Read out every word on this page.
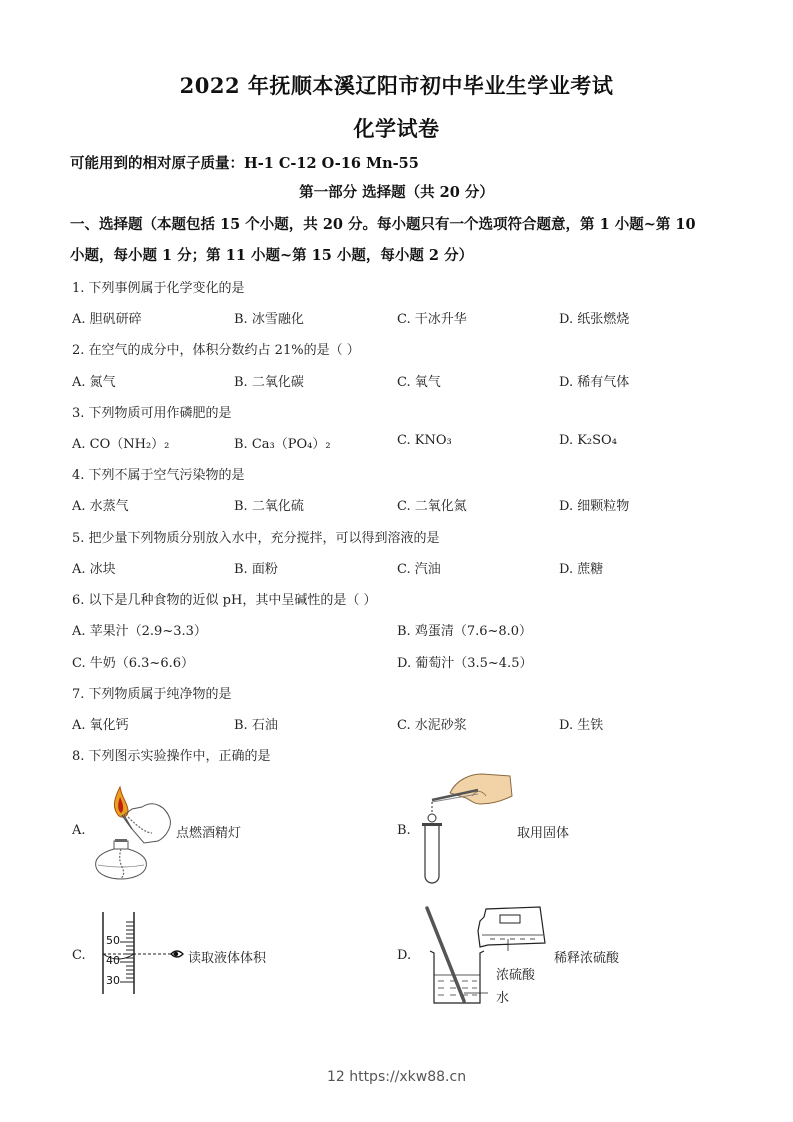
2022 年抚顺本溪辽阳市初中毕业生学业考试
化学试卷
可能用到的相对原子质量：H-1 C-12 O-16 Mn-55
第一部分 选择题（共 20 分）
一、选择题（本题包括 15 个小题，共 20 分。每小题只有一个选项符合题意，第 1 小题~第 10
小题，每小题 1 分；第 11 小题~第 15 小题，每小题 2 分）
1. 下列事例属于化学变化的是
A. 胆矾研碎	B. 冰雪融化	C. 干冰升华	D. 纸张燃烧
2. 在空气的成分中，体积分数约占 21%的是（ ）
A. 氮气	B. 二氧化碳	C. 氧气	D. 稀有气体
3. 下列物质可用作磷肥的是
A. CO（NH₂）₂	B. Ca₃（PO₄）₂	C. KNO₃	D. K₂SO₄
4. 下列不属于空气污染物的是
A. 水蒸气	B. 二氧化硫	C. 二氧化氮	D. 细颗粒物
5. 把少量下列物质分别放入水中，充分搅拌，可以得到溶液的是
A. 冰块	B. 面粉	C. 汽油	D. 蔗糖
6. 以下是几种食物的近似 pH，其中呈碱性的是（ ）
A. 苹果汁（2.9~3.3）	B. 鸡蛋清（7.6~8.0）
C. 牛奶（6.3~6.6）	D. 葡萄汁（3.5~4.5）
7. 下列物质属于纯净物的是
A. 氧化钙	B. 石油	C. 水泥砂浆	D. 生铁
8. 下列图示实验操作中，正确的是
A.	点燃酒精灯	B.	取用固体
C.
50
40
30
读取液体体积	D.
浓硫酸
水
稀释浓硫酸
12 https://xkw88.cn
